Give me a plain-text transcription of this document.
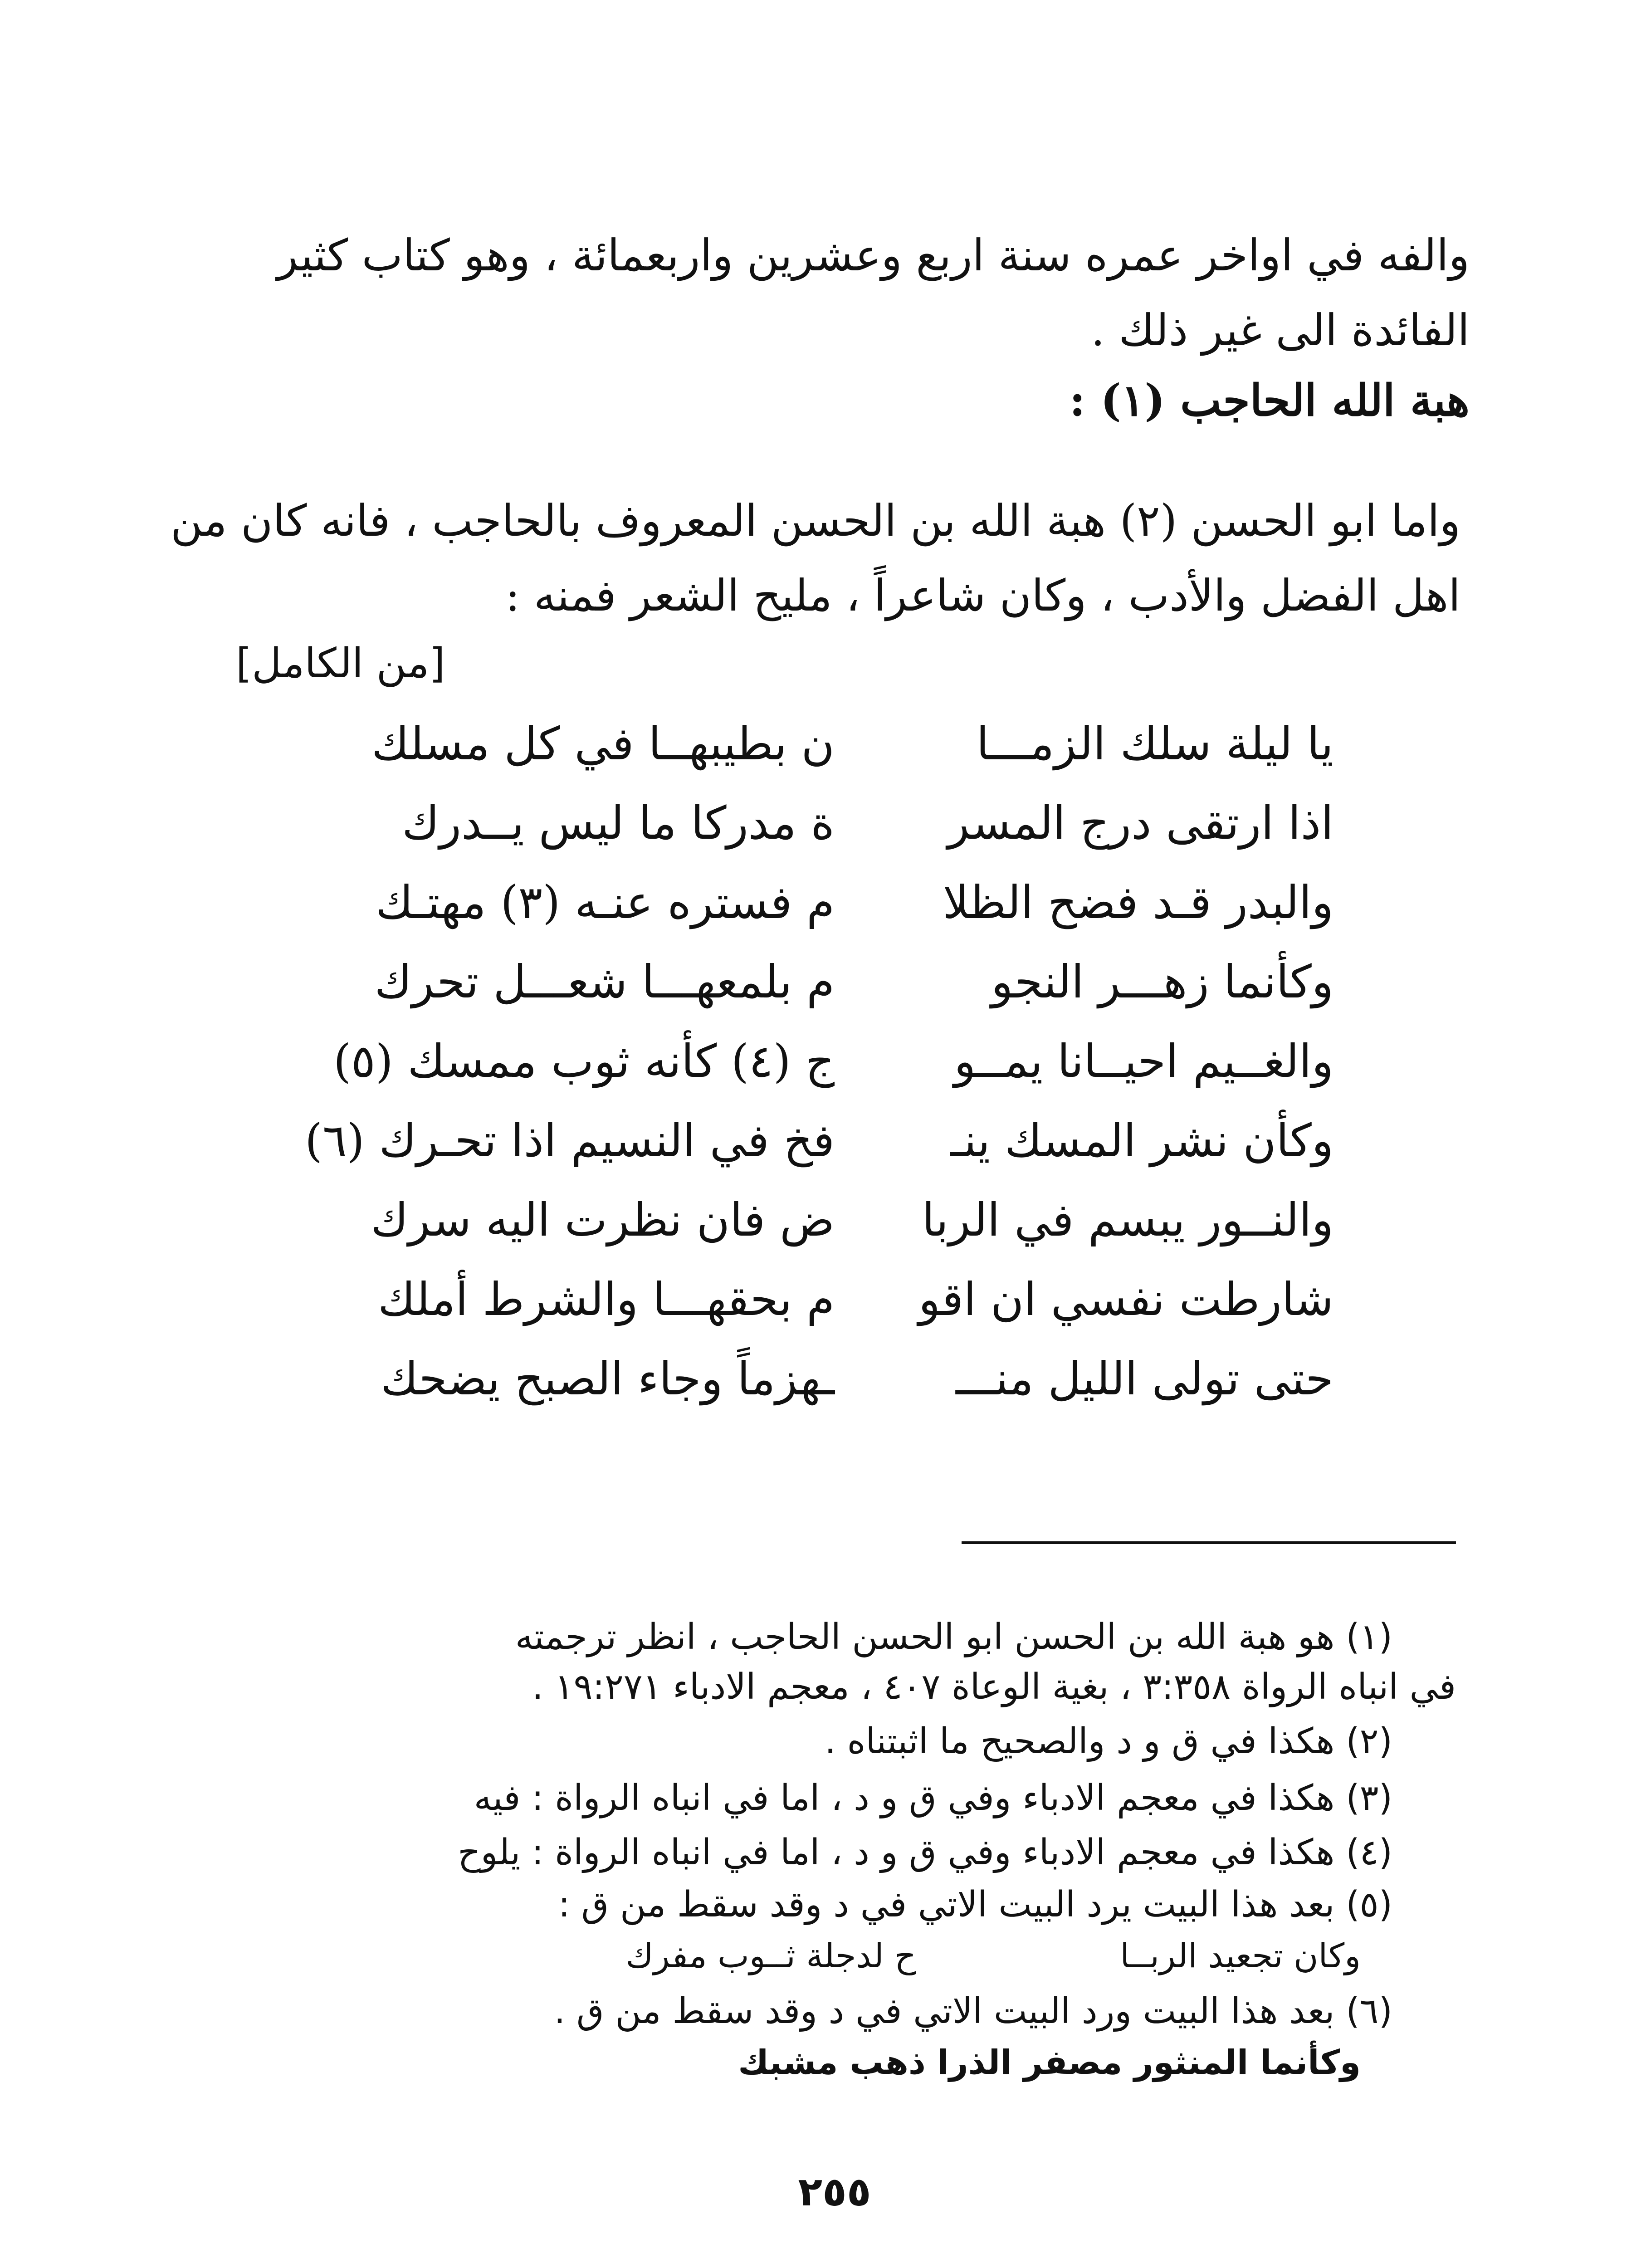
والفه في اواخر عمره سنة اربع وعشرين واربعمائة ، وهو كتاب كثير
الفائدة الى غير ذلك .
هبة الله الحاجب (١) :
واما ابو الحسن (٢) هبة الله بن الحسن المعروف بالحاجب ، فانه كان من
اهل الفضل والأدب ، وكان شاعراً ، مليح الشعر فمنه :
[من الكامل]
يا ليلة سلك الزمـــا
ن بطيبهــا في كل مسلك
اذا ارتقى درج المسر
ة مدركا ما ليس يــدرك
والبدر قـد فضح الظلا
م فستره عنـه (٣) مهتـك
وكأنما زهـــر النجو
م بلمعهـــا شعـــل تحرك
والغــيم احيــانا يمــو
ج (٤) كأنه ثوب ممسك (٥)
وكأن نشر المسك ينـ
فخ في النسيم اذا تحـرك (٦)
والنــور يبسم في الربا
ض فان نظرت اليه سرك
شارطت نفسي ان اقو
م بحقهـــا والشرط أملك
حتى تولى الليل منـــ
ـهزماً وجاء الصبح يضحك
(١) هو هبة الله بن الحسن ابو الحسن الحاجب ، انظر ترجمته
في انباه الرواة ٣:٣٥٨ ، بغية الوعاة ٤٠٧ ، معجم الادباء ١٩:٢٧١ .
(٢) هكذا في ق و د والصحيح ما اثبتناه .
(٣) هكذا في معجم الادباء وفي ق و د ، اما في انباه الرواة : فيه
(٤) هكذا في معجم الادباء وفي ق و د ، اما في انباه الرواة : يلوح
(٥) بعد هذا البيت يرد البيت الاتي في د وقد سقط من ق :
وكان تجعيد الربــا
ح لدجلة ثــوب مفرك
(٦) بعد هذا البيت ورد البيت الاتي في د وقد سقط من ق .
وكأنما المنثور مصفر الذرا ذهب مشبك
٢٥٥
